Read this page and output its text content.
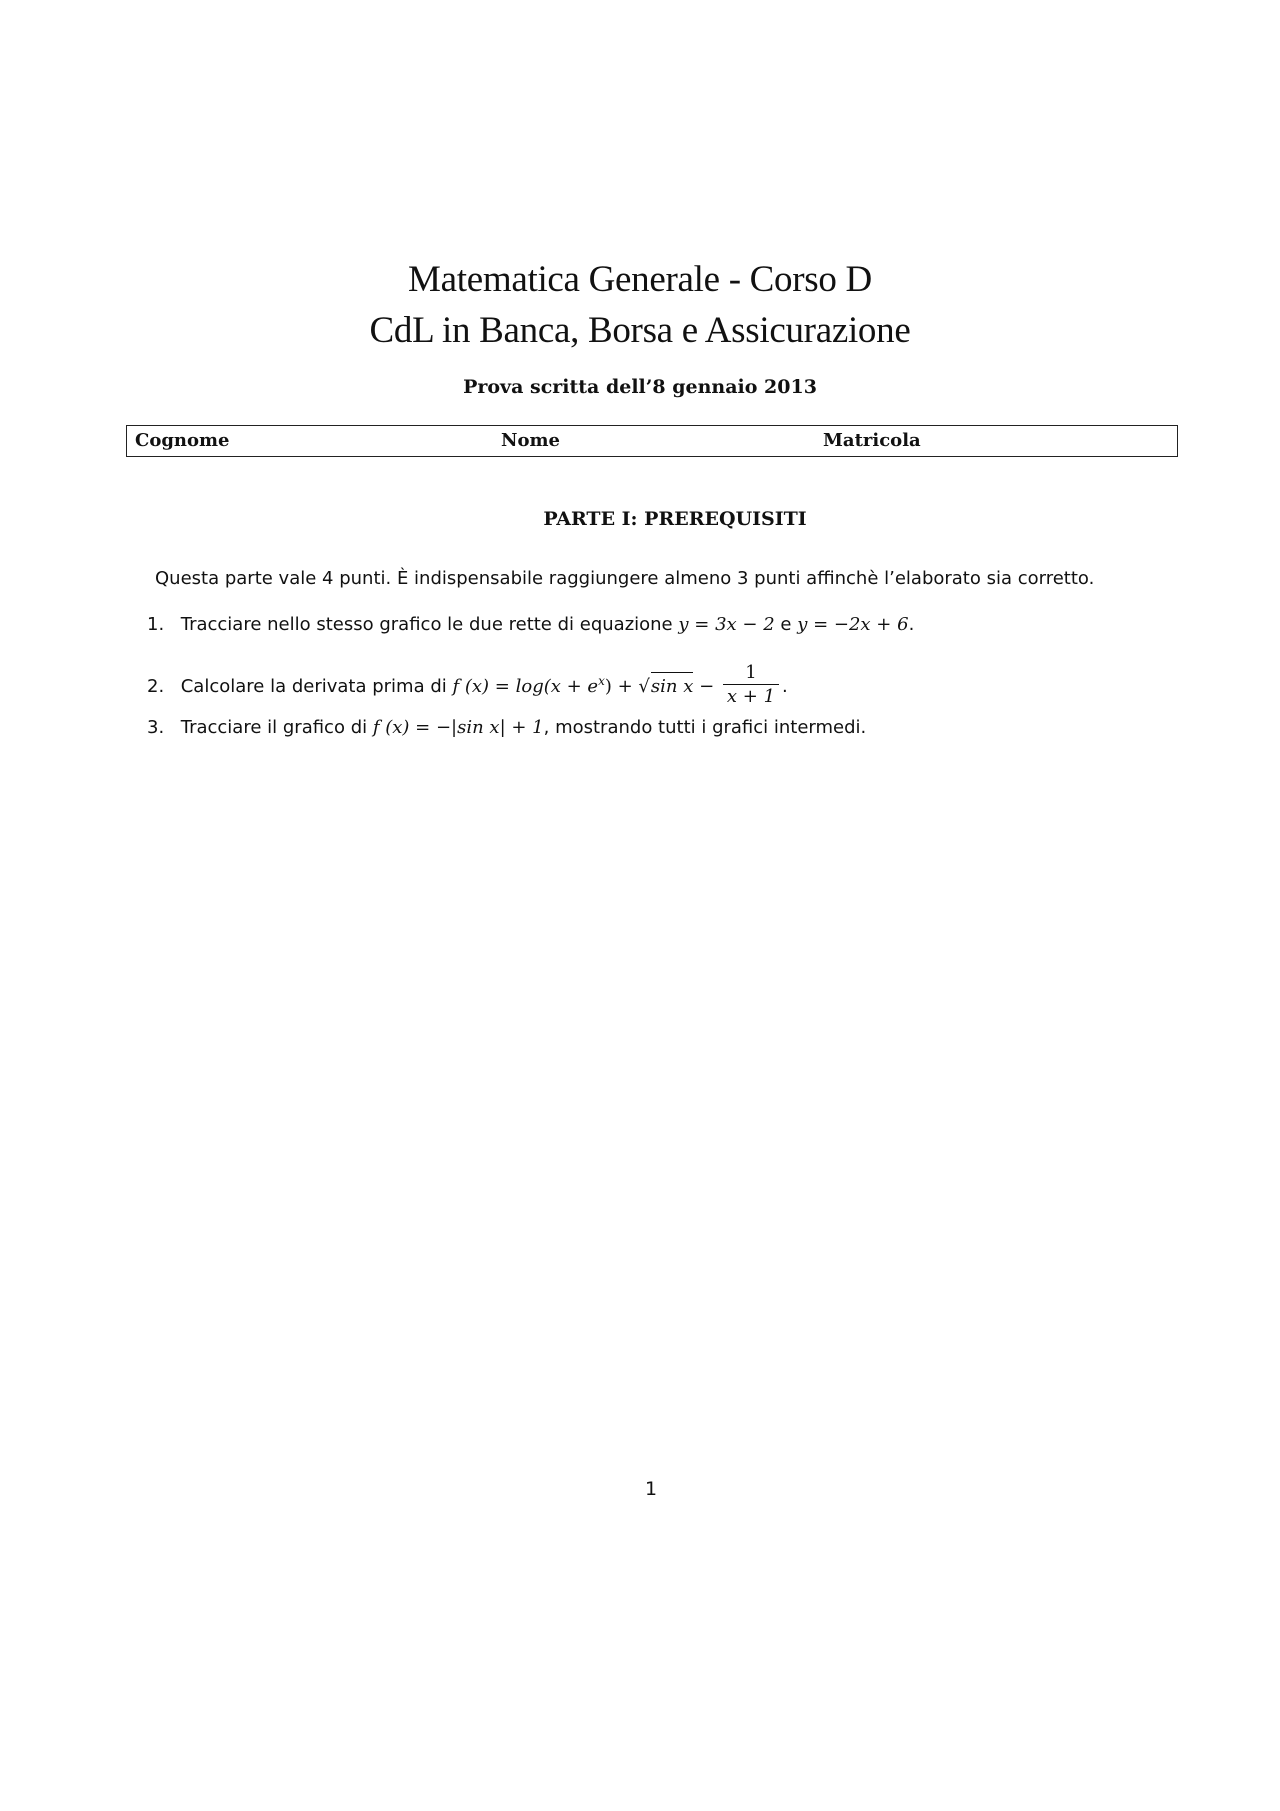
Matematica Generale - Corso D
CdL in Banca, Borsa e Assicurazione
Prova scritta dell’8 gennaio 2013
Cognome	Nome	Matricola
PARTE I: PREREQUISITI
Questa parte vale 4 punti. È indispensabile raggiungere almeno 3 punti affinchè l’elaborato sia corretto.
1. Tracciare nello stesso grafico le due rette di equazione y = 3x − 2 e y = −2x + 6.
2. Calcolare la derivata prima di f $(x) = \log(x + e^x) + √\sin$ $x - \frac{1}{x + 1}$ .
3. Tracciare il grafico di f (x) = −|sin x| + 1, mostrando tutti i grafici intermedi.
1
